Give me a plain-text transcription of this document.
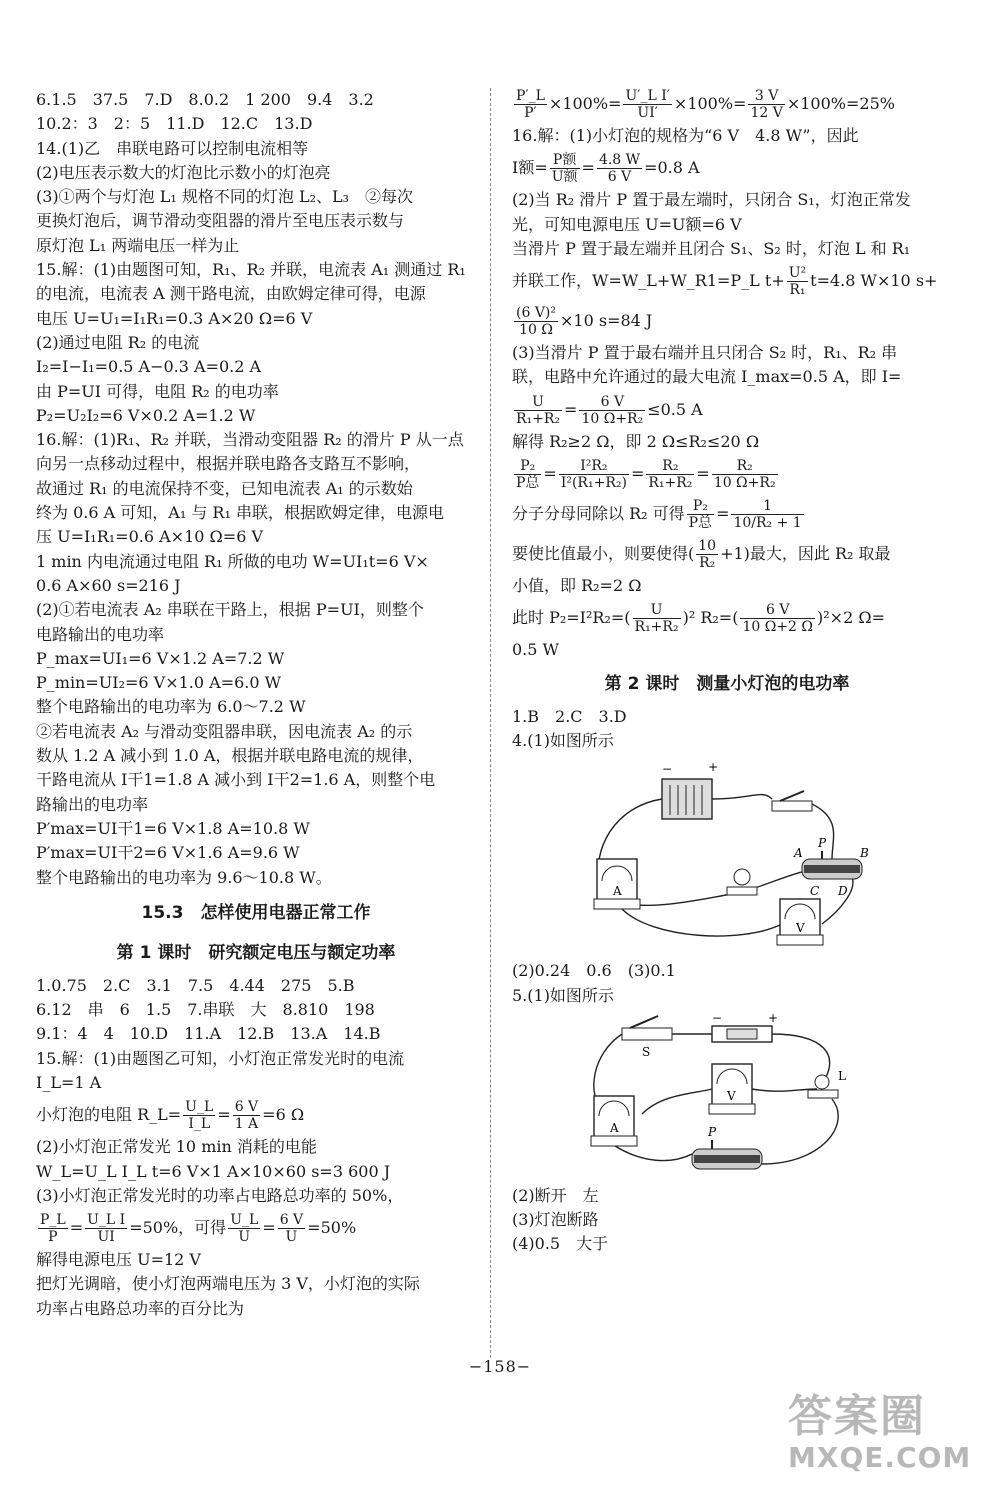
6.1.5　37.5　7.D　8.0.2　1 200　9.4　3.2
10.2：3　2：5　11.D　12.C　13.D
14.(1)乙　串联电路可以控制电流相等
(2)电压表示数大的灯泡比示数小的灯泡亮
(3)①两个与灯泡 L₁ 规格不同的灯泡 L₂、L₃　②每次
更换灯泡后，调节滑动变阻器的滑片至电压表示数与
原灯泡 L₁ 两端电压一样为止
15.解：(1)由题图可知，R₁、R₂ 并联，电流表 A₁ 测通过 R₁
的电流，电流表 A 测干路电流，由欧姆定律可得，电源
电压 U=U₁=I₁R₁=0.3 A×20 Ω=6 V
(2)通过电阻 R₂ 的电流
I₂=I−I₁=0.5 A−0.3 A=0.2 A
由 P=UI 可得，电阻 R₂ 的电功率
P₂=U₂I₂=6 V×0.2 A=1.2 W
16.解：(1)R₁、R₂ 并联，当滑动变阻器 R₂ 的滑片 P 从一点
向另一点移动过程中，根据并联电路各支路互不影响，
故通过 R₁ 的电流保持不变，已知电流表 A₁ 的示数始
终为 0.6 A 可知，A₁ 与 R₁ 串联，根据欧姆定律，电源电
压 U=I₁R₁=0.6 A×10 Ω=6 V
1 min 内电流通过电阻 R₁ 所做的电功 W=UI₁t=6 V×
0.6 A×60 s=216 J
(2)①若电流表 A₂ 串联在干路上，根据 P=UI，则整个
电路输出的电功率
P_max=UI₁=6 V×1.2 A=7.2 W
P_min=UI₂=6 V×1.0 A=6.0 W
整个电路输出的电功率为 6.0～7.2 W
②若电流表 A₂ 与滑动变阻器串联，因电流表 A₂ 的示
数从 1.2 A 减小到 1.0 A，根据并联电路电流的规律，
干路电流从 I干1=1.8 A 减小到 I干2=1.6 A，则整个电
路输出的电功率
P′max=UI干1=6 V×1.8 A=10.8 W
P′max=UI干2=6 V×1.6 A=9.6 W
整个电路输出的电功率为 9.6～10.8 W。
15.3　怎样使用电器正常工作
第 1 课时　研究额定电压与额定功率
1.0.75　2.C　3.1　7.5　4.44　275　5.B
6.12　串　6　1.5　7.串联　大　8.810　198
9.1：4　4　10.D　11.A　12.B　13.A　14.B
15.解：(1)由题图乙可知，小灯泡正常发光时的电流
I_L=1 A
小灯泡的电阻 R_L= $\frac{U\_L}{I\_L} = \frac{6 V}{1 A} =6$ Ω
(2)小灯泡正常发光 10 min 消耗的电能
W_L=U_L I_L t=6 V×1 A×10×60 s=3 600 J
(3)小灯泡正常发光时的功率占电路总功率的 50%，
$\frac{P\_L}{P} = \frac{\text{U\_L I}}{UI} =50\%$，可得 $\frac{U\_L}{U} = \frac{6 V}{U} =50\%$
解得电源电压 U=12 V
把灯光调暗，使小灯泡两端电压为 3 V，小灯泡的实际
功率占电路总功率的百分比为
$\frac{P'\_L}{P'} \times 100\%= \frac{\text{U′\_L I′}}{UI'} \times 100\%= \frac{3 V}{12 V} \times 100\%=25\%$
16.解：(1)小灯泡的规格为“6 V　4.8 W”，因此
I额= $\frac{\text{P额}}{\text{U额}} = \frac{4.8 W}{6 V} =0.8$ A
(2)当 R₂ 滑片 P 置于最左端时，只闭合 S₁，灯泡正常发
光，可知电源电压 U=U额=6 V
当滑片 P 置于最左端并且闭合 S₁、S₂ 时，灯泡 L 和 R₁
并联工作，W=W_L+W_R1=P_L $t+ \frac{\text{U²}}{\text{R₁}} t=4.8$ W×10 s+
$\frac{\text{(6 V)²}}{10 \Omega} \times 10$ s=84 J
(3)当滑片 P 置于最右端并且只闭合 S₂ 时，R₁、R₂ 串
联，电路中允许通过的最大电流 I_max=0.5 A，即 I=
$\frac{U}{\text{R₁+R₂}} = \frac{6 V}{\text{10 Ω+R₂}} \le 0.5$ A
解得 R₂≥2 Ω，即 2 Ω≤R₂≤20 Ω
$\frac{\text{P₂}}{\text{P总}} = \frac{\text{I²R₂}}{\text{I²(R₁+R₂)}} = \frac{\text{R₂}}{\text{R₁+R₂}} = \frac{\text{R₂}}{\text{10 Ω+R₂}}$
分子分母同除以 R₂ 可得 $\frac{\text{P₂}}{\text{P总}} = \frac{1}{\text{10/R₂ + 1}}$
要使比值最小，则要使得( $\frac{10}{\text{R₂}} +1$)最大，因此 R₂ 取最
小值，即 R₂=2 Ω
此时 $P_2=I^2R_2=( \frac{U}{\text{R₁+R₂}} )^2$ $R_2=( \frac{6 V}{10 \Omega+2 \Omega} )^2\times 2$ Ω=
0.5 W
第 2 课时　测量小灯泡的电功率
1.B　2.C　3.D
4.(1)如图所示
−	+
A
A
P
B
C D
V
(2)0.24　0.6　(3)0.1
5.(1)如图所示
S
−	+
A
V
L
P
(2)断开　左
(3)灯泡断路
(4)0.5　大于
−158−
答案圈
MXQE.COM
